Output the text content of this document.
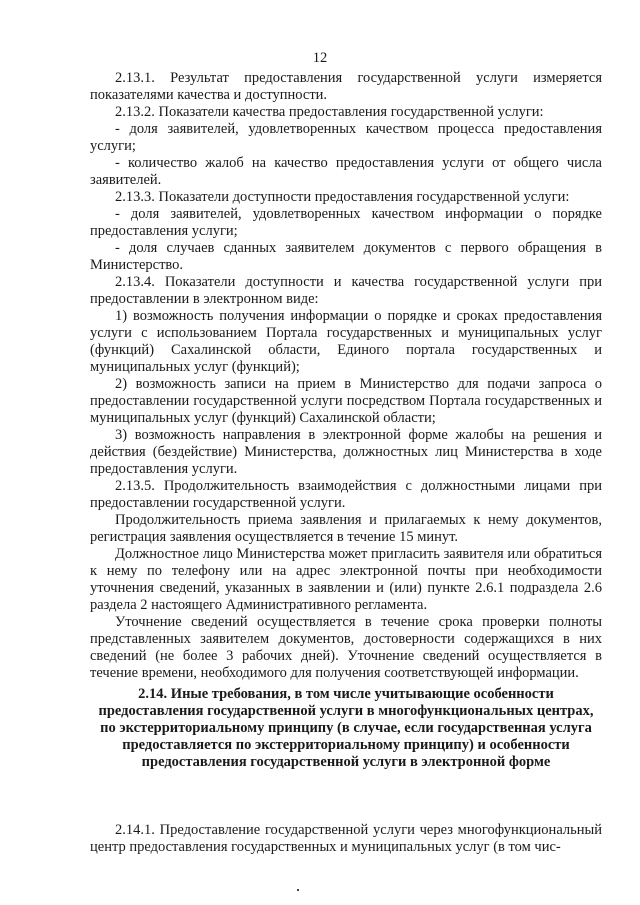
12

2.13.1. Результат предоставления государственной услуги измеряется показателями качества и доступности.

2.13.2. Показатели качества предоставления государственной услуги:

- доля заявителей, удовлетворенных качеством процесса предоставления услуги;

- количество жалоб на качество предоставления услуги от общего числа заявителей.

2.13.3. Показатели доступности предоставления государственной услуги:

- доля заявителей, удовлетворенных качеством информации о порядке предоставления услуги;

- доля случаев сданных заявителем документов с первого обращения в Министерство.

2.13.4. Показатели доступности и качества государственной услуги при предоставлении в электронном виде:

1) возможность получения информации о порядке и сроках предоставления услуги с использованием Портала государственных и муниципальных услуг (функций) Сахалинской области, Единого портала государственных и муниципальных услуг (функций);

2) возможность записи на прием в Министерство для подачи запроса о предоставлении государственной услуги посредством Портала государственных и муниципальных услуг (функций) Сахалинской области;

3) возможность направления в электронной форме жалобы на решения и действия (бездействие) Министерства, должностных лиц Министерства в ходе предоставления услуги.

2.13.5. Продолжительность взаимодействия с должностными лицами при предоставлении государственной услуги.

Продолжительность приема заявления и прилагаемых к нему документов, регистрация заявления осуществляется в течение 15 минут.

Должностное лицо Министерства может пригласить заявителя или обратиться к нему по телефону или на адрес электронной почты при необходимости уточнения сведений, указанных в заявлении и (или) пункте 2.6.1 подраздела 2.6 раздела 2 настоящего Административного регламента.

Уточнение сведений осуществляется в течение срока проверки полноты представленных заявителем документов, достоверности содержащихся в них сведений (не более 3 рабочих дней). Уточнение сведений осуществляется в течение времени, необходимого для получения соответствующей информации.

2.14. Иные требования, в том числе учитывающие особенности предоставления государственной услуги в многофункциональных центрах, по экстерриториальному принципу (в случае, если государственная услуга предоставляется по экстерриториальному принципу) и особенности предоставления государственной услуги в электронной форме

2.14.1. Предоставление государственной услуги через многофункциональный центр предоставления государственных и муниципальных услуг (в том чис-
